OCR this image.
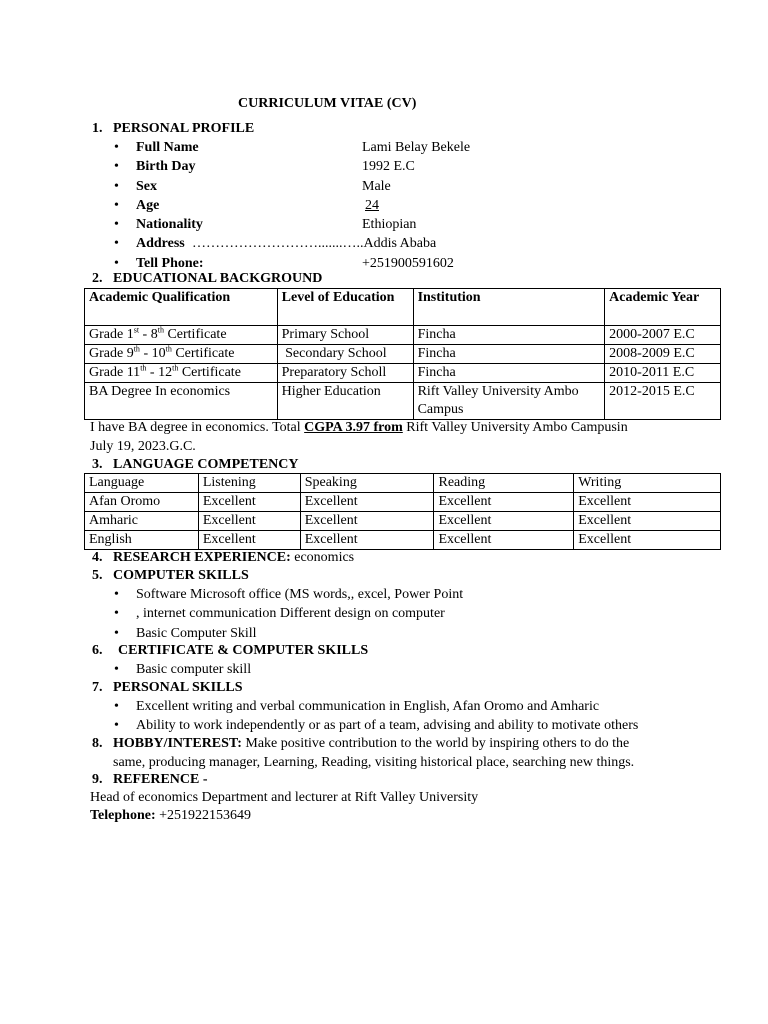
CURRICULUM VITAE (CV)
1. PERSONAL PROFILE
• Full Name	Lami Belay Bekele
• Birth Day	1992 E.C
• Sex	Male
• Age	24
• Nationality	Ethiopian
• Address ……………………….......…..Addis Ababa
• Tell Phone:	+251900591602
2. EDUCATIONAL BACKGROUND
Academic Qualification	Level of Education	Institution	Academic Year
Grade 1st - 8th Certificate	Primary School	Fincha	2000-2007 E.C
Grade 9th - 10th Certificate	Secondary School	Fincha	2008-2009 E.C
Grade 11th - 12th Certificate	Preparatory Scholl	Fincha	2010-2011 E.C
BA Degree In economics	Higher Education	Rift Valley University Ambo Campus	2012-2015 E.C
I have BA degree in economics. Total CGPA 3.97 from Rift Valley University Ambo Campusin
July 19, 2023.G.C.
3. LANGUAGE COMPETENCY
Language	Listening	Speaking	Reading	Writing
Afan Oromo	Excellent	Excellent	Excellent	Excellent
Amharic	Excellent	Excellent	Excellent	Excellent
English	Excellent	Excellent	Excellent	Excellent
4. RESEARCH EXPERIENCE: economics
5. COMPUTER SKILLS
• Software Microsoft office (MS words,, excel, Power Point
• , internet communication Different design on computer
• Basic Computer Skill
6. CERTIFICATE & COMPUTER SKILLS
• Basic computer skill
7. PERSONAL SKILLS
• Excellent writing and verbal communication in English, Afan Oromo and Amharic
• Ability to work independently or as part of a team, advising and ability to motivate others
8. HOBBY/INTEREST: Make positive contribution to the world by inspiring others to do the
same, producing manager, Learning, Reading, visiting historical place, searching new things.
9. REFERENCE -
Head of economics Department and lecturer at Rift Valley University
Telephone: +251922153649
